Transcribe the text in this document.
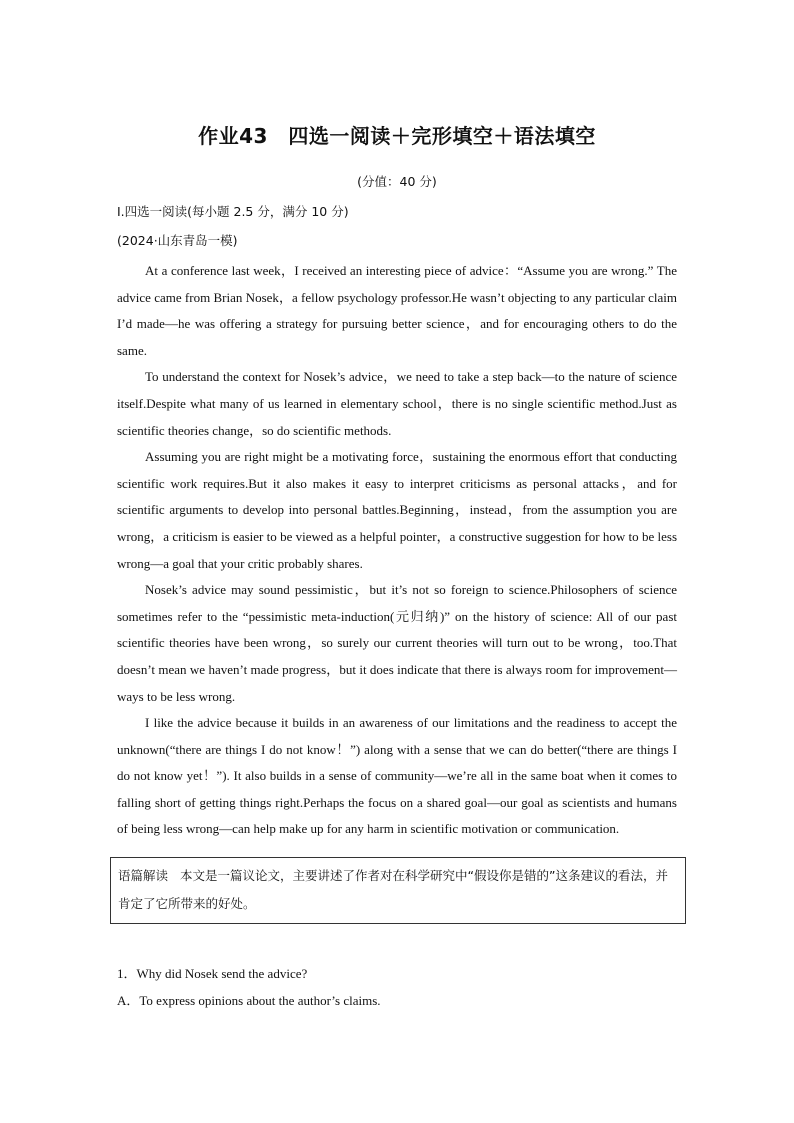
作业43　四选一阅读＋完形填空＋语法填空
(分值：40 分)
Ⅰ.四选一阅读(每小题 2.5 分，满分 10 分)
(2024·山东青岛一模)

At a conference last week，I received an interesting piece of advice：“Assume you are wrong.” The advice came from Brian Nosek，a fellow psychology professor.He wasn’t objecting to any particular claim I’d made—he was offering a strategy for pursuing better science，and for encouraging others to do the same.

To understand the context for Nosek’s advice，we need to take a step back—to the nature of science itself.Despite what many of us learned in elementary school，there is no single scientific method.Just as scientific theories change，so do scientific methods.

Assuming you are right might be a motivating force，sustaining the enormous effort that conducting scientific work requires.But it also makes it easy to interpret criticisms as personal attacks，and for scientific arguments to develop into personal battles.Beginning，instead，from the assumption you are wrong，a criticism is easier to be viewed as a helpful pointer，a constructive suggestion for how to be less wrong—a goal that your critic probably shares.

Nosek’s advice may sound pessimistic，but it’s not so foreign to science.Philosophers of science sometimes refer to the “pessimistic meta-induction(元归纳)” on the history of science: All of our past scientific theories have been wrong，so surely our current theories will turn out to be wrong，too.That doesn’t mean we haven’t made progress，but it does indicate that there is always room for improvement—ways to be less wrong.

I like the advice because it builds in an awareness of our limitations and the readiness to accept the unknown(“there are things I do not know！”) along with a sense that we can do better(“there are things I do not know yet！”). It also builds in a sense of community—we’re all in the same boat when it comes to falling short of getting things right.Perhaps the focus on a shared goal—our goal as scientists and humans of being less wrong—can help make up for any harm in scientific motivation or communication.

语篇解读 本文是一篇议论文，主要讲述了作者对在科学研究中“假设你是错的”这条建议的看法，并肯定了它所带来的好处。
1．Why did Nosek send the advice?
A．To express opinions about the author’s claims.
